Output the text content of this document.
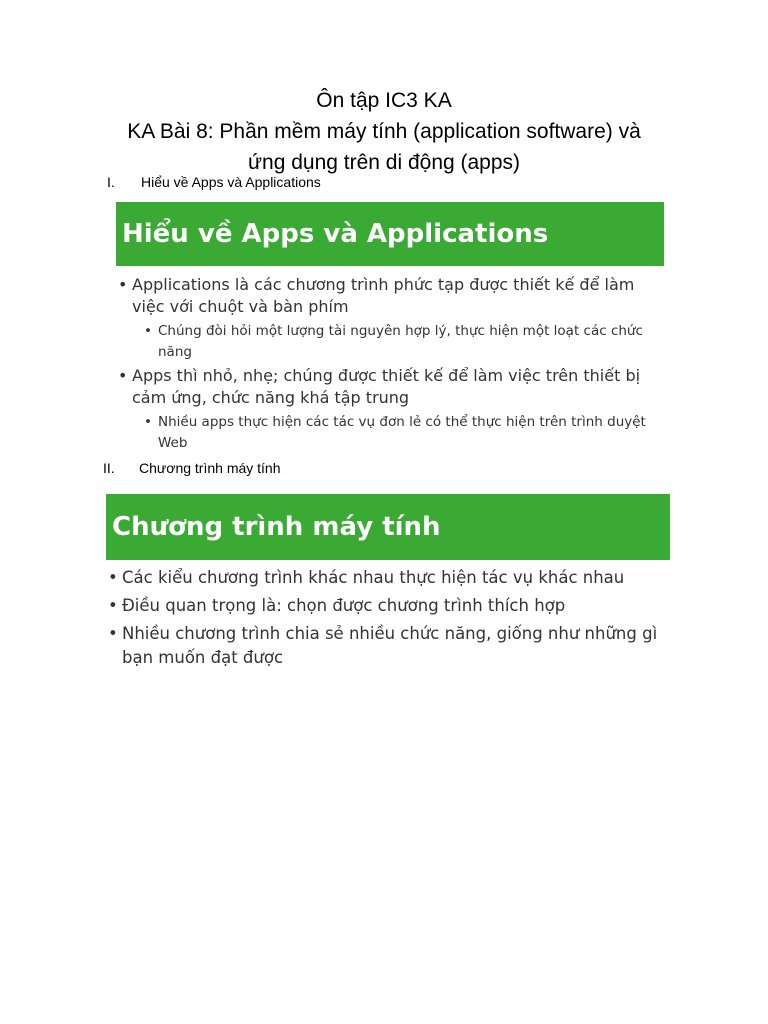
Ôn tập IC3 KA
KA Bài 8: Phần mềm máy tính (application software) và
ứng dụng trên di động (apps)
I. Hiểu về Apps và Applications
Hiểu về Apps và Applications
• Applications là các chương trình phức tạp được thiết kế để làm việc với chuột và bàn phím
• Chúng đòi hỏi một lượng tài nguyên hợp lý, thực hiện một loạt các chức năng
• Apps thì nhỏ, nhẹ; chúng được thiết kế để làm việc trên thiết bị cảm ứng, chức năng khá tập trung
• Nhiều apps thực hiện các tác vụ đơn lẻ có thể thực hiện trên trình duyệt Web
II. Chương trình máy tính
Chương trình máy tính
• Các kiểu chương trình khác nhau thực hiện tác vụ khác nhau
• Điều quan trọng là: chọn được chương trình thích hợp
• Nhiều chương trình chia sẻ nhiều chức năng, giống như những gì bạn muốn đạt được
